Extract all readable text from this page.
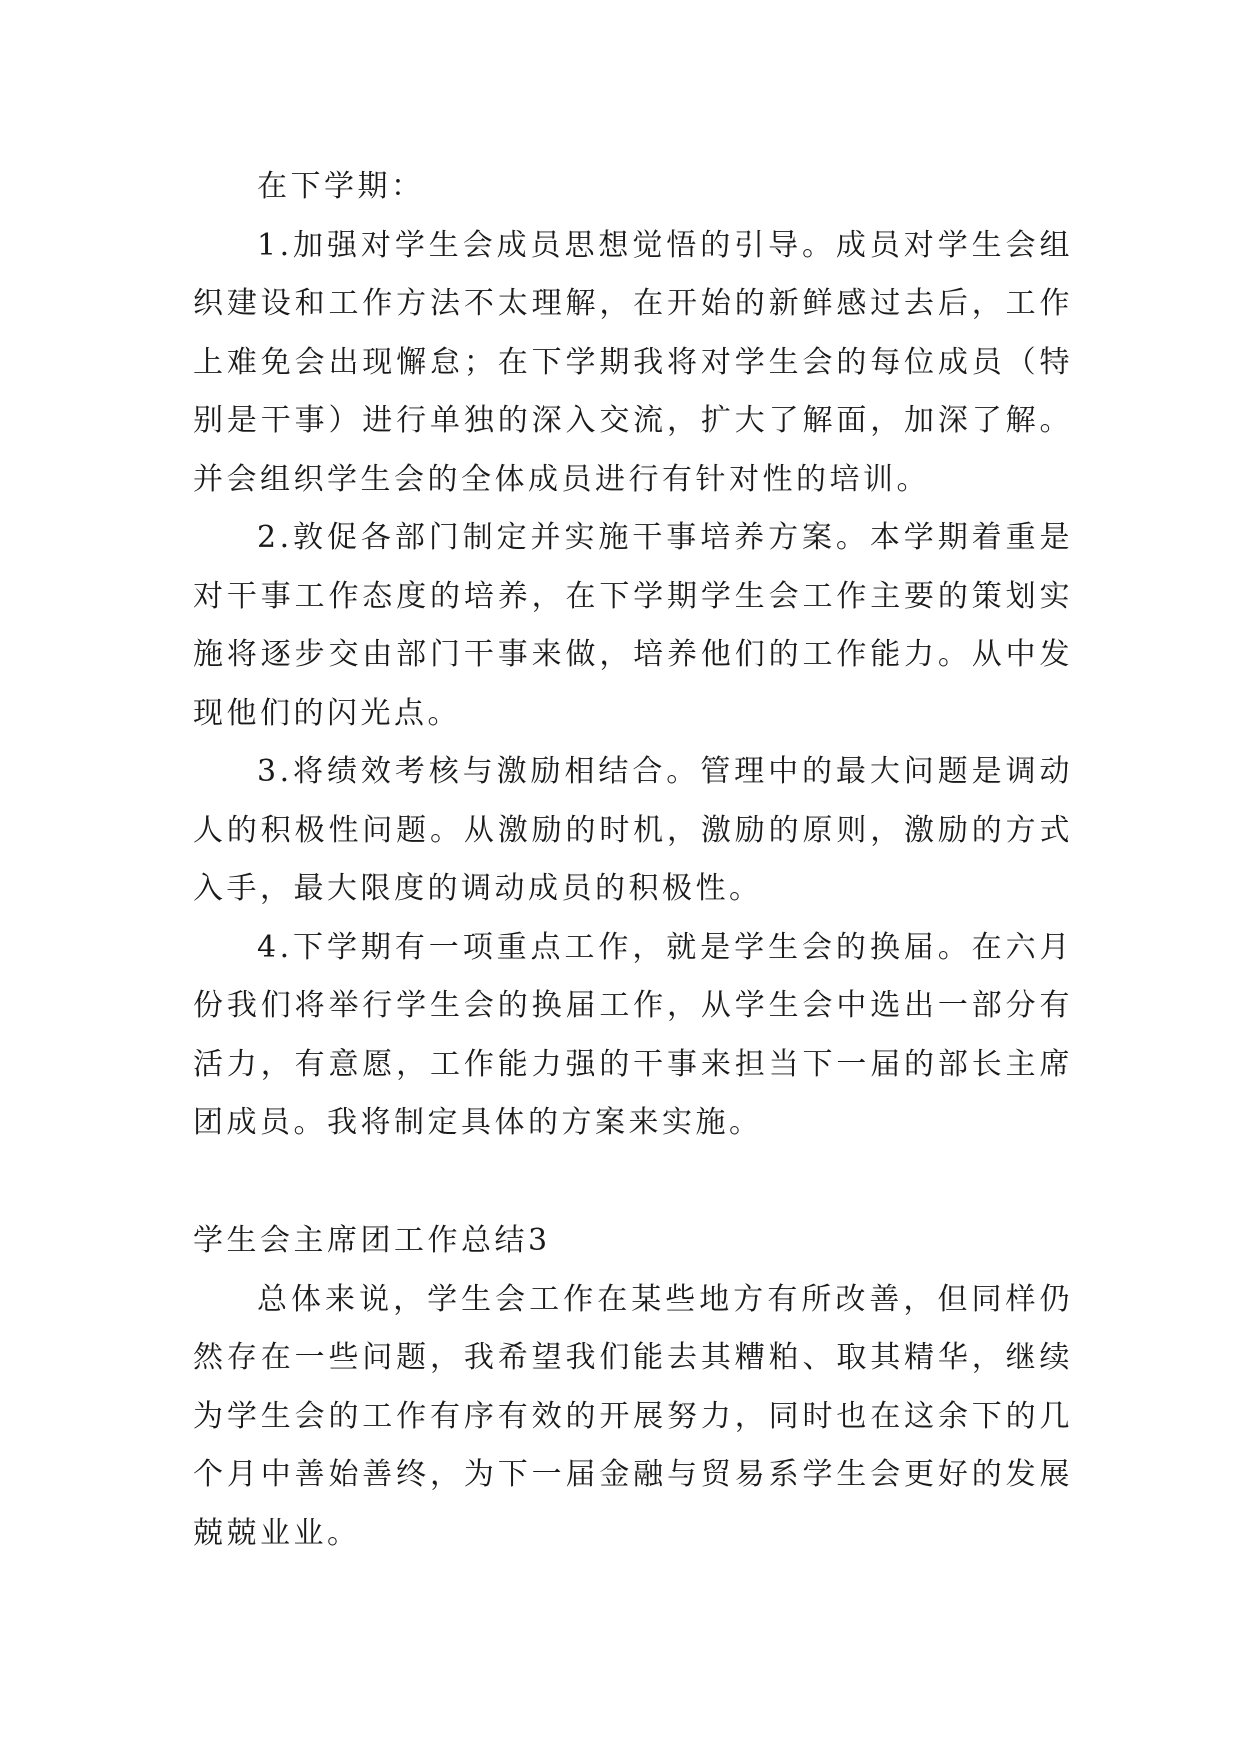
在下学期：

1.加强对学生会成员思想觉悟的引导。成员对学生会组织建设和工作方法不太理解，在开始的新鲜感过去后，工作上难免会出现懈怠；在下学期我将对学生会的每位成员（特别是干事）进行单独的深入交流，扩大了解面，加深了解。并会组织学生会的全体成员进行有针对性的培训。

2.敦促各部门制定并实施干事培养方案。本学期着重是对干事工作态度的培养，在下学期学生会工作主要的策划实施将逐步交由部门干事来做，培养他们的工作能力。从中发现他们的闪光点。

3.将绩效考核与激励相结合。管理中的最大问题是调动人的积极性问题。从激励的时机，激励的原则，激励的方式入手，最大限度的调动成员的积极性。

4.下学期有一项重点工作，就是学生会的换届。在六月份我们将举行学生会的换届工作，从学生会中选出一部分有活力，有意愿，工作能力强的干事来担当下一届的部长主席团成员。我将制定具体的方案来实施。

学生会主席团工作总结3

总体来说，学生会工作在某些地方有所改善，但同样仍然存在一些问题，我希望我们能去其糟粕、取其精华，继续为学生会的工作有序有效的开展努力，同时也在这余下的几个月中善始善终，为下一届金融与贸易系学生会更好的发展兢兢业业。
